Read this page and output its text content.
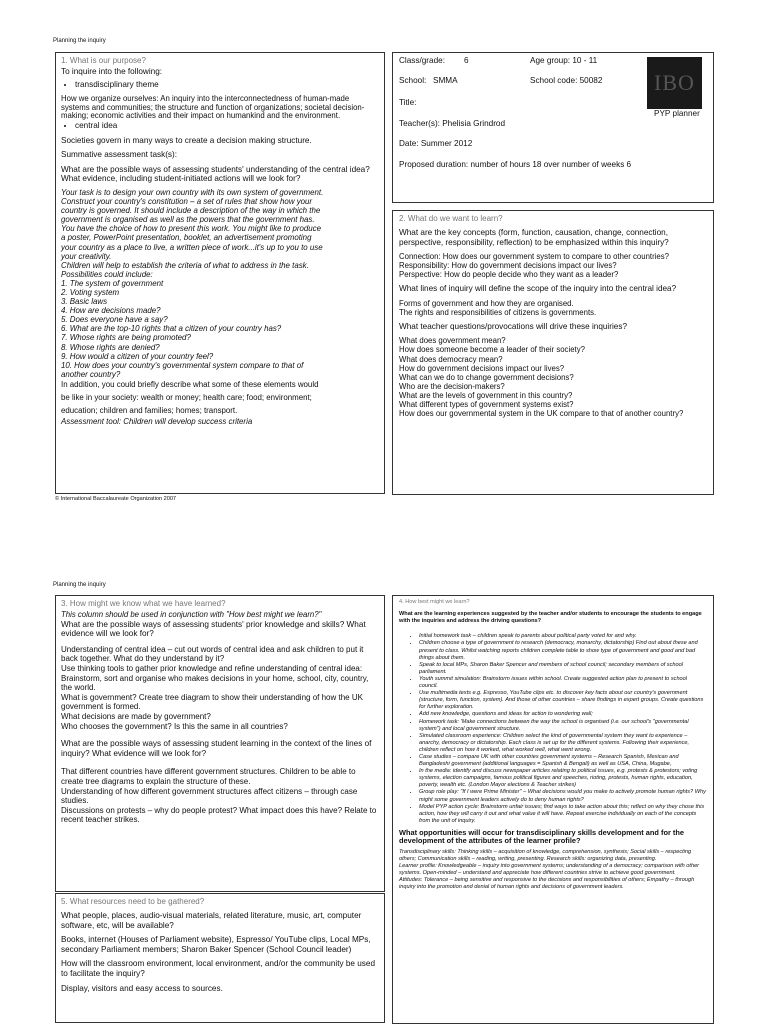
Planning the inquiry
1. What is our purpose?

To inquire into the following:

• transdisciplinary theme

How we organize ourselves: An inquiry into the interconnectedness of human-made systems and communities; the structure and function of organizations; societal decision-making; economic activities and their impact on humankind and the environment.

• central idea

Societies govern in many ways to create a decision making structure.

Summative assessment task(s):

What are the possible ways of assessing students' understanding of the central idea? What evidence, including student-initiated actions will we look for?

Your task is to design your own country with its own system of government.
Construct your country's constitution – a set of rules that show how your
country is governed. It should include a description of the way in which the
government is organised as well as the powers that the government has.
You have the choice of how to present this work. You might like to produce
a poster, PowerPoint presentation, booklet, an advertisement promoting
your country as a place to live, a written piece of work...it's up to you to use
your creativity.
Children will help to establish the criteria of what to address in the task.
Possibilities could include:
1. The system of government
2. Voting system
3. Basic laws
4. How are decisions made?
5. Does everyone have a say?
6. What are the top-10 rights that a citizen of your country has?
7. Whose rights are being promoted?
8. Whose rights are denied?
9. How would a citizen of your country feel?
10. How does your country's governmental system compare to that of
another country?
In addition, you could briefly describe what some of these elements would
be like in your society: wealth or money; health care; food; environment;
education; children and families; homes; transport.

Assessment tool: Children will develop success criteria

© International Baccalaureate Organization 2007
Class/grade: 6	Age group: 10 - 11
School: SMMA	School code: 50082
Title:
Teacher(s): Phelisia Grindrod
Date: Summer 2012
Proposed duration: number of hours 18 over number of weeks 6
IBO
PYP planner
2. What do we want to learn?

What are the key concepts (form, function, causation, change, connection, perspective, responsibility, reflection) to be emphasized within this inquiry?

Connection: How does our government system to compare to other countries?
Responsibility: How do government decisions impact our lives?
Perspective: How do people decide who they want as a leader?

What lines of inquiry will define the scope of the inquiry into the central idea?

Forms of government and how they are organised.
The rights and responsibilities of citizens is governments.

What teacher questions/provocations will drive these inquiries?

What does government mean?
How does someone become a leader of their society?
What does democracy mean?
How do government decisions impact our lives?
What can we do to change government decisions?
Who are the decision-makers?
What are the levels of government in this country?
What different types of government systems exist?
How does our governmental system in the UK compare to that of another country?
Planning the inquiry
3. How might we know what we have learned?

This column should be used in conjunction with "How best might we learn?"

What are the possible ways of assessing students' prior knowledge and skills? What evidence will we look for?

Understanding of central idea – cut out words of central idea and ask children to put it back together. What do they understand by it?
Use thinking tools to gather prior knowledge and refine understanding of central idea:
Brainstorm, sort and organise who makes decisions in your home, school, city, country, the world.
What is government? Create tree diagram to show their understanding of how the UK government is formed.
What decisions are made by government?
Who chooses the government? Is this the same in all countries?

What are the possible ways of assessing student learning in the context of the lines of inquiry? What evidence will we look for?

That different countries have different government structures. Children to be able to create tree diagrams to explain the structure of these.
Understanding of how different government structures affect citizens – through case studies.
Discussions on protests – why do people protest? What impact does this have? Relate to recent teacher strikes.
5. What resources need to be gathered?

What people, places, audio-visual materials, related literature, music, art, computer software, etc, will be available?

Books, internet (Houses of Parliament website), Espresso/ YouTube clips, Local MPs, secondary Parliament members; Sharon Baker Spencer (School Council leader)

How will the classroom environment, local environment, and/or the community be used to facilitate the inquiry?

Display, visitors and easy access to sources.

4. How best might we learn?

What are the learning experiences suggested by the teacher and/or students to encourage the students to engage with the inquiries and address the driving questions?

• Initial homework task – children speak to parents about political party voted for and why.
• Children choose a type of government to research (democracy, monarchy, dictatorship) Find out about these and present to class. Whilst watching reports children complete table to show type of government and good and bad things about them.
• Speak to local MPs, Sharon Baker Spencer and members of school council; secondary members of school parliament.
• Youth summit simulation: Brainstorm issues within school. Create suggested action plan to present to school council.
• Use multimedia texts e.g. Espresso, YouTube clips etc. to discover key facts about our country's government (structure, form, function, system). And those of other countries – share findings in expert groups. Create questions for further exploration.
• Add new knowledge, questions and ideas for action to wondering wall;
• Homework task: 'Make connections between the way the school is organised (i.e. our school's "governmental system") and local government structure.
• Simulated classroom experience: Children select the kind of governmental system they want to experience – anarchy, democracy or dictatorship. Each class is set up for the different systems. Following their experience, children reflect on how it worked, what worked well, what went wrong.
• Case studies – compare UK with other countries government systems – Research Spanish, Mexican and Bangladeshi government (additional languages = Spanish & Bengali) as well as USA, China, Mugabe,
• In the media: identify and discuss newspaper articles relating to political issues, e.g. protests & protestors; voting systems, election campaigns, famous political figures and speeches, rioting, protests, human rights, education, poverty, wealth etc. (London Mayor elections & Teacher strikes)
• Group role play: "If I were Prime Minister" – What decisions would you make to actively promote human rights? Why might some government leaders actively do to deny human rights?
• Model PYP action cycle: Brainstorm unfair issues; find ways to take action about this; reflect on why they chose this action, how they will carry it out and what value it will have. Repeat exercise individually on each of the concepts from the unit of inquiry.

What opportunities will occur for transdisciplinary skills development and for the development of the attributes of the learner profile?

Transdisciplinary skills: Thinking skills – acquisition of knowledge, comprehension, synthesis; Social skills – respecting others; Communication skills – reading, writing, presenting. Research skills: organizing data, presenting.
Learner profile: Knowledgeable – inquiry into government systems; understanding of a democracy; comparison with other systems. Open-minded – understand and appreciate how different countries strive to achieve good government.
Attitudes: Tolerance – being sensitive and responsive to the decisions and responsibilities of others; Empathy – through inquiry into the promotion and denial of human rights and decisions of government leaders.
